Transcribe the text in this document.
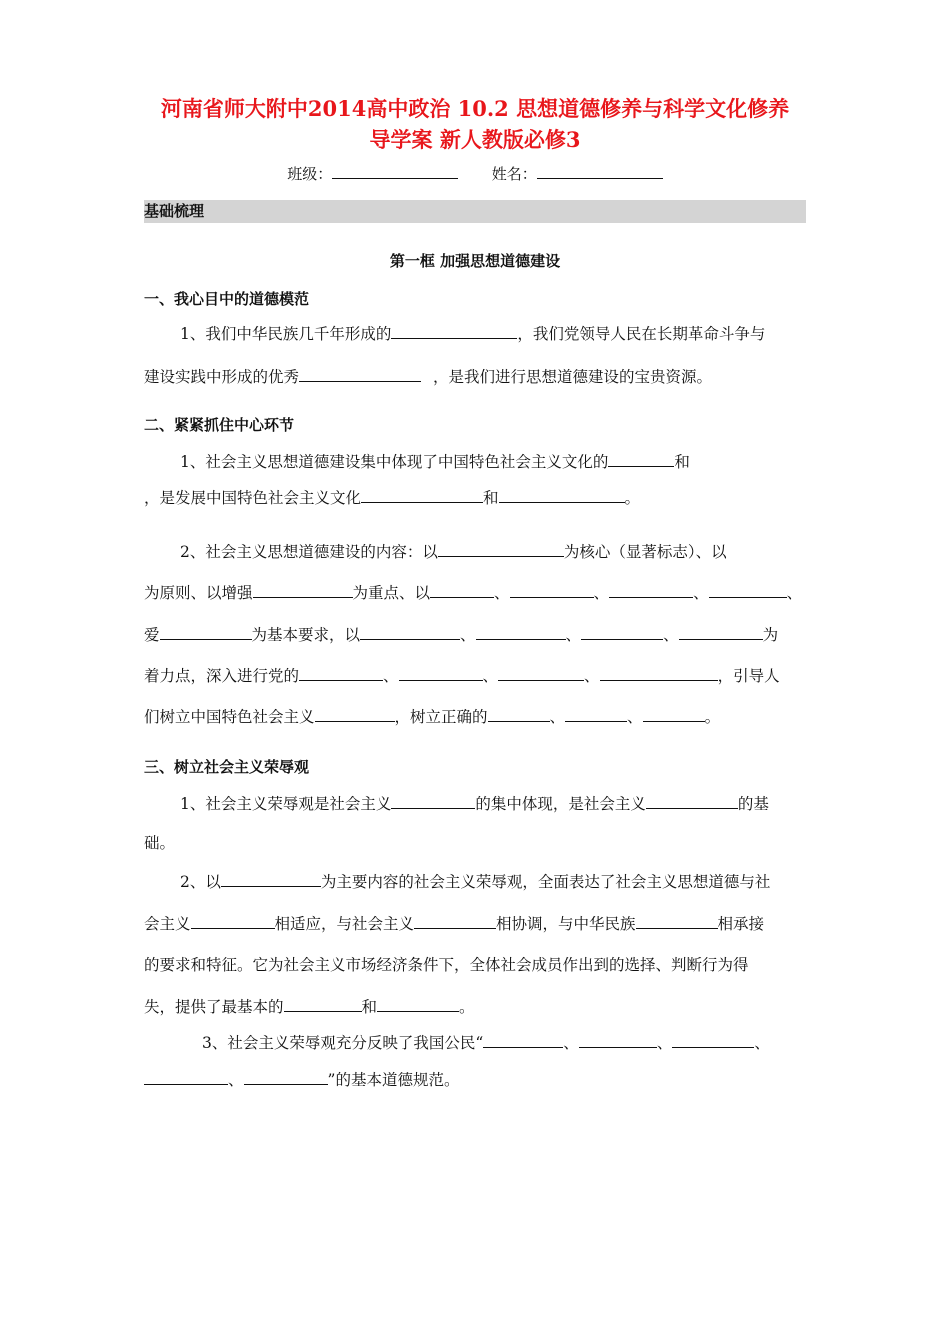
河南省师大附中2014高中政治 10.2 思想道德修养与科学文化修养
导学案 新人教版必修3
班级：	姓名：
基础梳理
第一框 加强思想道德建设
一、我心目中的道德模范
1、我们中华民族几千年形成的	，我们党领导人民在长期革命斗争与
建设实践中形成的优秀	，是我们进行思想道德建设的宝贵资源。
二、紧紧抓住中心环节
1、社会主义思想道德建设集中体现了中国特色社会主义文化的	和
，是发展中国特色社会主义文化	和	。
2、社会主义思想道德建设的内容：以	为核心（显著标志）、以
为原则、以增强	为重点、以	、	、	、	、
爱	为基本要求，以	、	、	、	为
着力点，深入进行党的	、	、	、	，引导人
们树立中国特色社会主义	，树立正确的	、	、	。
三、树立社会主义荣辱观
1、社会主义荣辱观是社会主义	的集中体现，是社会主义	的基
础。
2、以	为主要内容的社会主义荣辱观，全面表达了社会主义思想道德与社
会主义	相适应，与社会主义	相协调，与中华民族	相承接
的要求和特征。它为社会主义市场经济条件下，全体社会成员作出到的选择、判断行为得
失，提供了最基本的	和	。
3、社会主义荣辱观充分反映了我国公民“	、	、	、
、	”的基本道德规范。
